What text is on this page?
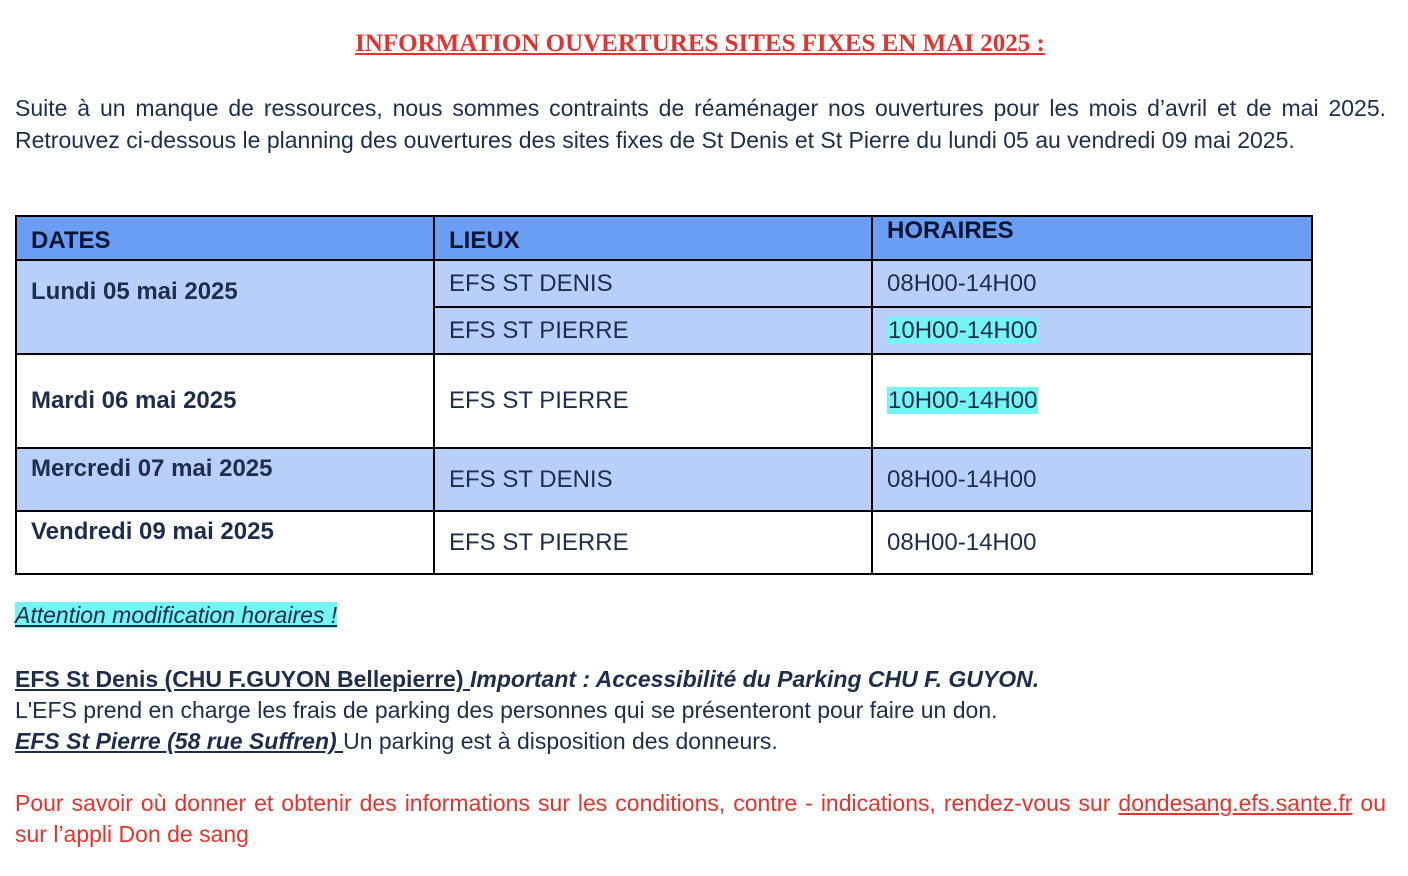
INFORMATION OUVERTURES SITES FIXES EN MAI 2025 :

Suite à un manque de ressources, nous sommes contraints de réaménager nos ouvertures pour les mois d’avril et de mai 2025. Retrouvez ci-dessous le planning des ouvertures des sites fixes de St Denis et St Pierre du lundi 05 au vendredi 09 mai 2025.

DATES	LIEUX	HORAIRES
Lundi 05 mai 2025	EFS ST DENIS	08H00-14H00
	EFS ST PIERRE	10H00-14H00
Mardi 06 mai 2025	EFS ST PIERRE	10H00-14H00
Mercredi 07 mai 2025	EFS ST DENIS	08H00-14H00
Vendredi 09 mai 2025	EFS ST PIERRE	08H00-14H00

Attention modification horaires !

EFS St Denis (CHU F.GUYON Bellepierre) Important : Accessibilité du Parking CHU F. GUYON.
L'EFS prend en charge les frais de parking des personnes qui se présenteront pour faire un don.
EFS St Pierre (58 rue Suffren) Un parking est à disposition des donneurs.

Pour savoir où donner et obtenir des informations sur les conditions, contre - indications, rendez-vous sur dondesang.efs.sante.fr ou sur l’appli Don de sang
